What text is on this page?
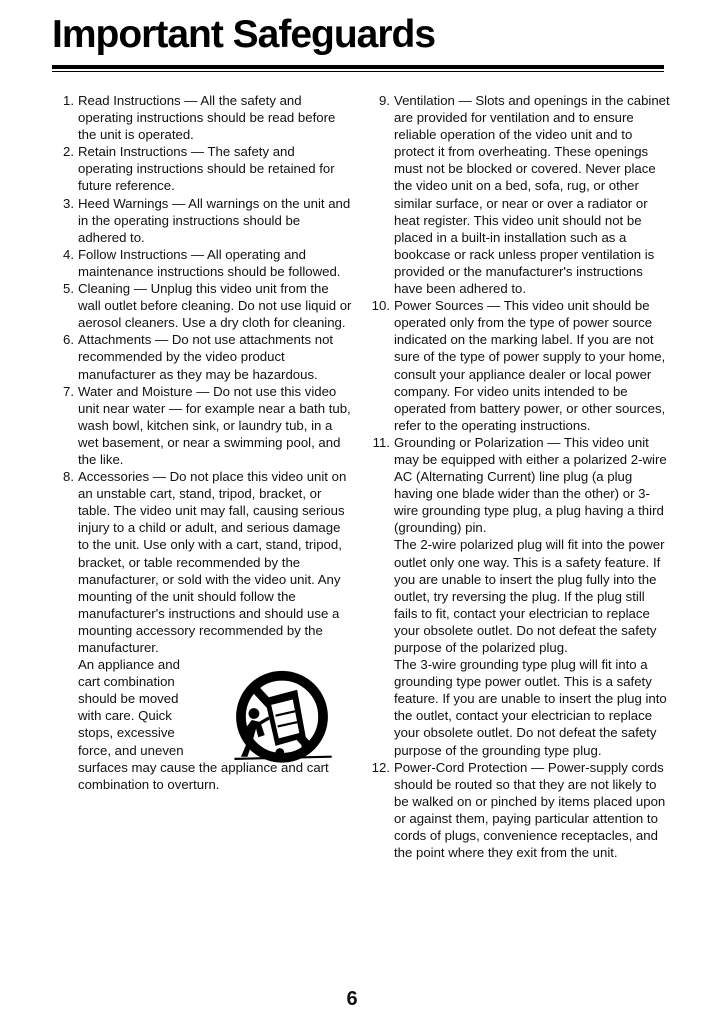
Important Safeguards
1. Read Instructions — All the safety and operating instructions should be read before the unit is operated.
2. Retain Instructions — The safety and operating instructions should be retained for future reference.
3. Heed Warnings — All warnings on the unit and in the operating instructions should be adhered to.
4. Follow Instructions — All operating and maintenance instructions should be followed.
5. Cleaning — Unplug this video unit from the wall outlet before cleaning. Do not use liquid or aerosol cleaners. Use a dry cloth for cleaning.
6. Attachments — Do not use attachments not recommended by the video product manufacturer as they may be hazardous.
7. Water and Moisture — Do not use this video unit near water — for example near a bath tub, wash bowl, kitchen sink, or laundry tub, in a wet basement, or near a swimming pool, and the like.
8. Accessories — Do not place this video unit on an unstable cart, stand, tripod, bracket, or table. The video unit may fall, causing serious injury to a child or adult, and serious damage to the unit. Use only with a cart, stand, tripod, bracket, or table recommended by the manufacturer, or sold with the video unit. Any mounting of the unit should follow the manufacturer's instructions and should use a mounting accessory recommended by the manufacturer.
An appliance and
cart combination
should be moved
with care. Quick
stops, excessive
force, and uneven
surfaces may cause the appliance and cart combination to overturn.
9. Ventilation — Slots and openings in the cabinet are provided for ventilation and to ensure reliable operation of the video unit and to protect it from overheating. These openings must not be blocked or covered. Never place the video unit on a bed, sofa, rug, or other similar surface, or near or over a radiator or heat register. This video unit should not be placed in a built-in installation such as a bookcase or rack unless proper ventilation is provided or the manufacturer's instructions have been adhered to.
10. Power Sources — This video unit should be operated only from the type of power source indicated on the marking label. If you are not sure of the type of power supply to your home, consult your appliance dealer or local power company. For video units intended to be operated from battery power, or other sources, refer to the operating instructions.
11. Grounding or Polarization — This video unit may be equipped with either a polarized 2-wire AC (Alternating Current) line plug (a plug having one blade wider than the other) or 3-wire grounding type plug, a plug having a third (grounding) pin.
The 2-wire polarized plug will fit into the power outlet only one way. This is a safety feature. If you are unable to insert the plug fully into the outlet, try reversing the plug. If the plug still fails to fit, contact your electrician to replace your obsolete outlet. Do not defeat the safety purpose of the polarized plug.
The 3-wire grounding type plug will fit into a grounding type power outlet. This is a safety feature. If you are unable to insert the plug into the outlet, contact your electrician to replace your obsolete outlet. Do not defeat the safety purpose of the grounding type plug.
12. Power-Cord Protection — Power-supply cords should be routed so that they are not likely to be walked on or pinched by items placed upon or against them, paying particular attention to cords of plugs, convenience receptacles, and the point where they exit from the unit.
6
